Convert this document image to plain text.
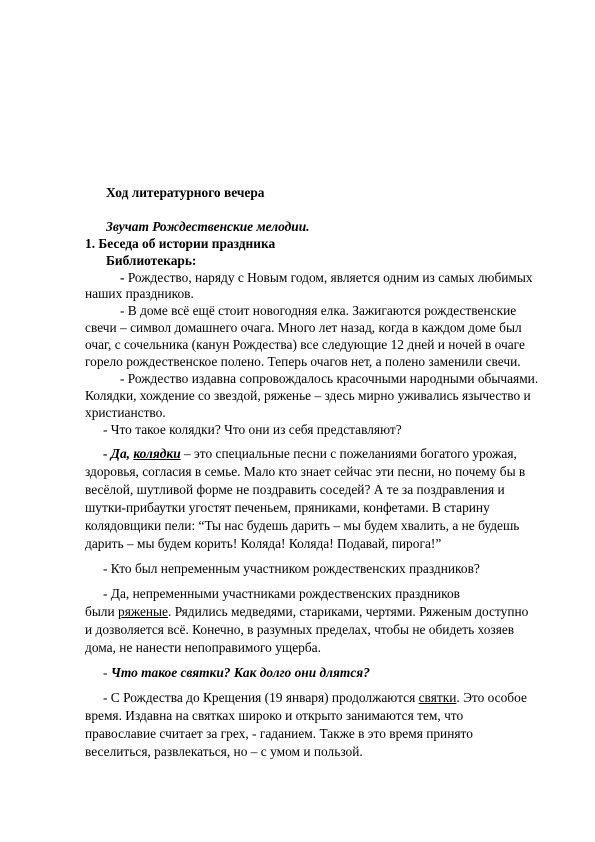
Ход литературного вечера

Звучат Рождественские мелодии.

1. Беседа об истории праздника

Библиотекарь:

- Рождество, наряду с Новым годом, является одним из самых любимых

наших праздников.

- В доме всё ещё стоит новогодняя елка. Зажигаются рождественские

свечи – символ домашнего очага. Много лет назад, когда в каждом доме был

очаг, с сочельника (канун Рождества) все следующие 12 дней и ночей в очаге

горело рождественское полено. Теперь очагов нет, а полено заменили свечи.

- Рождество издавна сопровождалось красочными народными обычаями.

Колядки, хождение со звездой, ряженье – здесь мирно уживались язычество и

христианство.

- Что такое колядки? Что они из себя представляют?

- Да, колядки – это специальные песни с пожеланиями богатого урожая,

здоровья, согласия в семье. Мало кто знает сейчас эти песни, но почему бы в

весёлой, шутливой форме не поздравить соседей? А те за поздравления и

шутки-прибаутки угостят печеньем, пряниками, конфетами. В старину

колядовщики пели: “Ты нас будешь дарить – мы будем хвалить, а не будешь

дарить – мы будем корить! Коляда! Коляда! Подавай, пирога!”

- Кто был непременным участником рождественских праздников?

- Да, непременными участниками рождественских праздников

были ряженые. Рядились медведями, стариками, чертями. Ряженым доступно

и дозволяется всё. Конечно, в разумных пределах, чтобы не обидеть хозяев

дома, не нанести непоправимого ущерба.

- Что такое святки? Как долго они длятся?

- С Рождества до Крещения (19 января) продолжаются святки. Это особое

время. Издавна на святках широко и открыто занимаются тем, что

православие считает за грех, - гаданием. Также в это время принято

веселиться, развлекаться, но – с умом и пользой.
